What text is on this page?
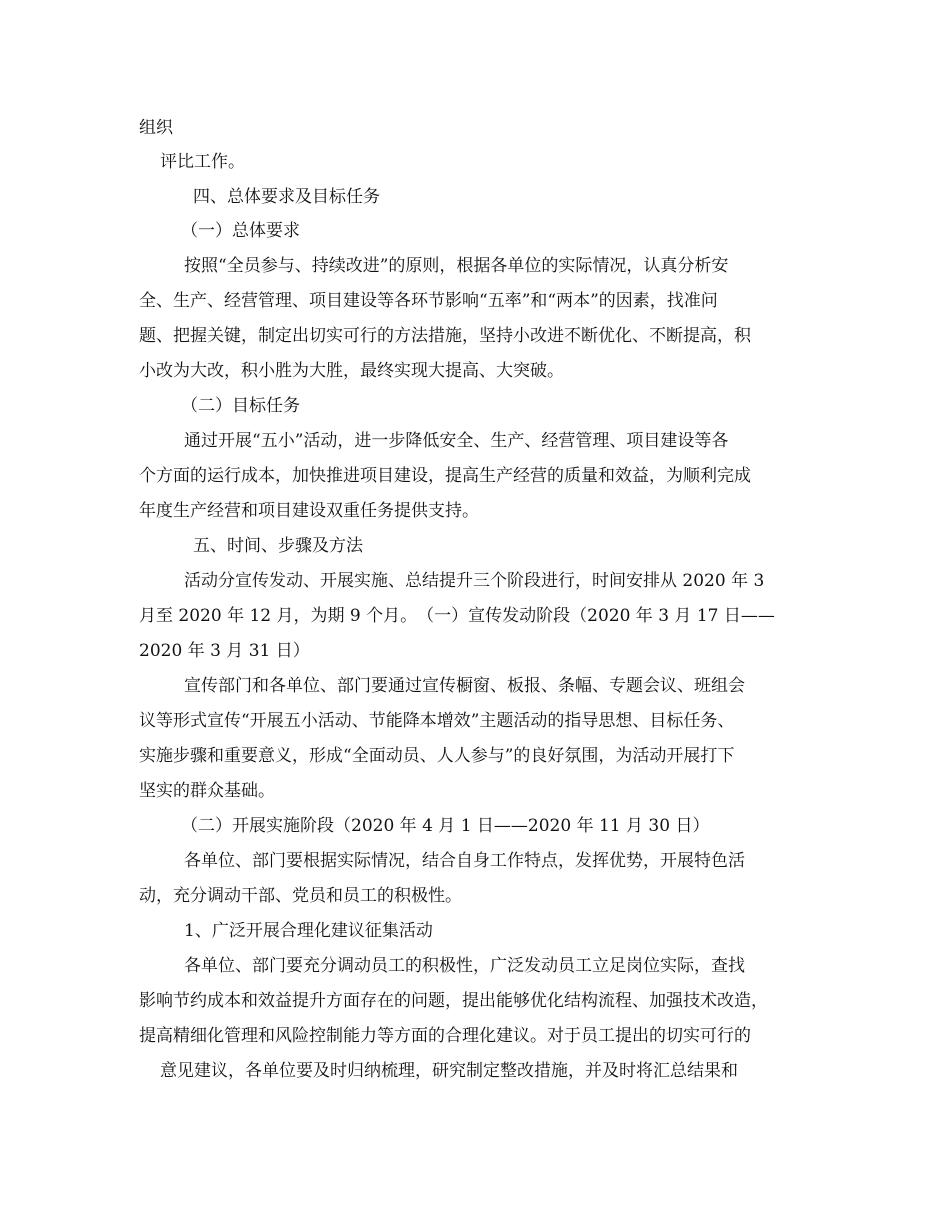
组织

评比工作。

四、总体要求及目标任务

（一）总体要求

按照“全员参与、持续改进”的原则，根据各单位的实际情况，认真分析安

全、生产、经营管理、项目建设等各环节影响“五率”和“两本”的因素，找准问

题、把握关键，制定出切实可行的方法措施，坚持小改进不断优化、不断提高，积

小改为大改，积小胜为大胜，最终实现大提高、大突破。

（二）目标任务

通过开展“五小”活动，进一步降低安全、生产、经营管理、项目建设等各

个方面的运行成本，加快推进项目建设，提高生产经营的质量和效益，为顺利完成

年度生产经营和项目建设双重任务提供支持。

五、时间、步骤及方法

活动分宣传发动、开展实施、总结提升三个阶段进行，时间安排从 2020 年 3

月至 2020 年 12 月，为期 9 个月。　（一）宣传发动阶段（2020 年 3 月 17 日——

2020 年 3 月 31 日）

宣传部门和各单位、部门要通过宣传橱窗、板报、条幅、专题会议、班组会

议等形式宣传“开展五小活动、节能降本增效”主题活动的指导思想、目标任务、

实施步骤和重要意义，形成“全面动员、人人参与”的良好氛围，为活动开展打下

坚实的群众基础。

（二）开展实施阶段（2020 年 4 月 1 日——2020 年 11 月 30 日）

各单位、部门要根据实际情况，结合自身工作特点，发挥优势，开展特色活

动，充分调动干部、党员和员工的积极性。

1、广泛开展合理化建议征集活动

各单位、部门要充分调动员工的积极性，广泛发动员工立足岗位实际，查找

影响节约成本和效益提升方面存在的问题，提出能够优化结构流程、加强技术改造，

提高精细化管理和风险控制能力等方面的合理化建议。对于员工提出的切实可行的

意见建议，各单位要及时归纳梳理，研究制定整改措施，并及时将汇总结果和
